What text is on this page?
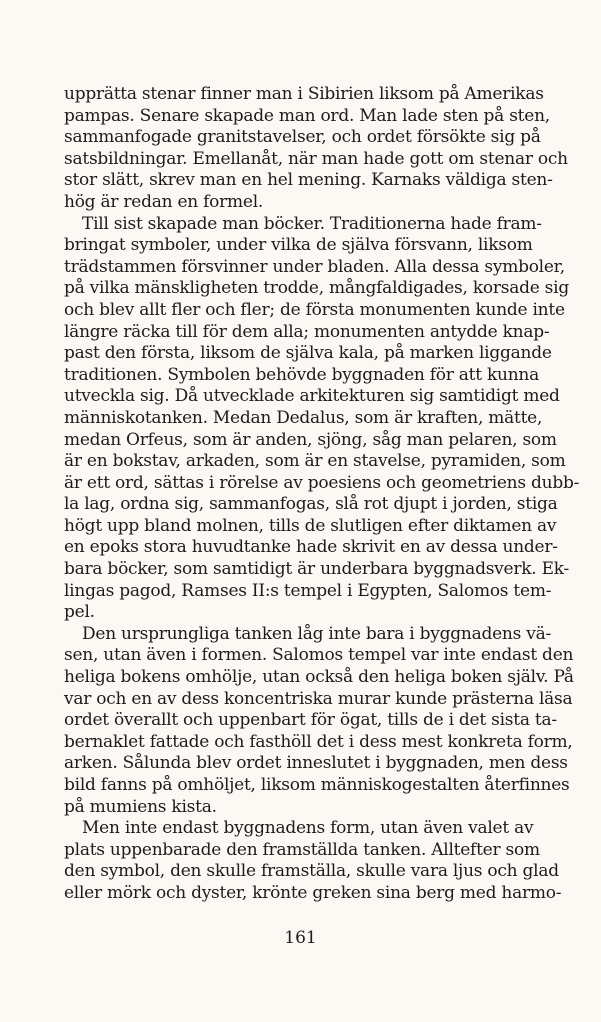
upprätta stenar finner man i Sibirien liksom på Amerikas
pampas. Senare skapade man ord. Man lade sten på sten,
sammanfogade granitstavelser, och ordet försökte sig på
satsbildningar. Emellanåt, när man hade gott om stenar och
stor slätt, skrev man en hel mening. Karnaks väldiga sten-
hög är redan en formel.
Till sist skapade man böcker. Traditionerna hade fram-
bringat symboler, under vilka de själva försvann, liksom
trädstammen försvinner under bladen. Alla dessa symboler,
på vilka mänskligheten trodde, mångfaldigades, korsade sig
och blev allt fler och fler; de första monumenten kunde inte
längre räcka till för dem alla; monumenten antydde knap-
past den första, liksom de själva kala, på marken liggande
traditionen. Symbolen behövde byggnaden för att kunna
utveckla sig. Då utvecklade arkitekturen sig samtidigt med
människotanken. Medan Dedalus, som är kraften, mätte,
medan Orfeus, som är anden, sjöng, såg man pelaren, som
är en bokstav, arkaden, som är en stavelse, pyramiden, som
är ett ord, sättas i rörelse av poesiens och geometriens dubb-
la lag, ordna sig, sammanfogas, slå rot djupt i jorden, stiga
högt upp bland molnen, tills de slutligen efter diktamen av
en epoks stora huvudtanke hade skrivit en av dessa under-
bara böcker, som samtidigt är underbara byggnadsverk. Ek-
lingas pagod, Ramses II:s tempel i Egypten, Salomos tem-
pel.
Den ursprungliga tanken låg inte bara i byggnadens vä-
sen, utan även i formen. Salomos tempel var inte endast den
heliga bokens omhölje, utan också den heliga boken själv. På
var och en av dess koncentriska murar kunde prästerna läsa
ordet överallt och uppenbart för ögat, tills de i det sista ta-
bernaklet fattade och fasthöll det i dess mest konkreta form,
arken. Sålunda blev ordet inneslutet i byggnaden, men dess
bild fanns på omhöljet, liksom människogestalten återfinnes
på mumiens kista.
Men inte endast byggnadens form, utan även valet av
plats uppenbarade den framställda tanken. Alltefter som
den symbol, den skulle framställa, skulle vara ljus och glad
eller mörk och dyster, krönte greken sina berg med harmo-
161
